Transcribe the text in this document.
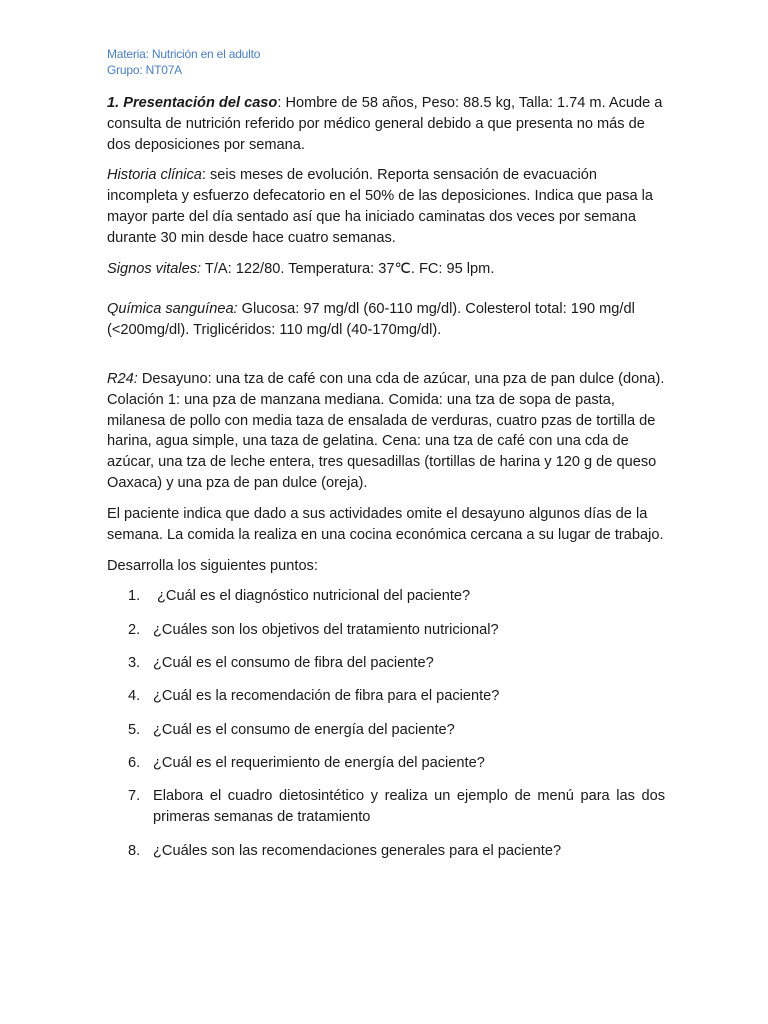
Materia: Nutrición en el adulto
Grupo: NT07A

1. Presentación del caso: Hombre de 58 años, Peso: 88.5 kg, Talla: 1.74 m. Acude a consulta de nutrición referido por médico general debido a que presenta no más de dos deposiciones por semana.

Historia clínica: seis meses de evolución. Reporta sensación de evacuación incompleta y esfuerzo defecatorio en el 50% de las deposiciones. Indica que pasa la mayor parte del día sentado así que ha iniciado caminatas dos veces por semana durante 30 min desde hace cuatro semanas.

Signos vitales: T/A: 122/80. Temperatura: 37℃. FC: 95 lpm.

Química sanguínea: Glucosa: 97 mg/dl (60-110 mg/dl). Colesterol total: 190 mg/dl (<200mg/dl). Triglicéridos: 110 mg/dl (40-170mg/dl).

R24: Desayuno: una tza de café con una cda de azúcar, una pza de pan dulce (dona). Colación 1: una pza de manzana mediana. Comida: una tza de sopa de pasta, milanesa de pollo con media taza de ensalada de verduras, cuatro pzas de tortilla de harina, agua simple, una taza de gelatina. Cena: una tza de café con una cda de azúcar, una tza de leche entera, tres quesadillas (tortillas de harina y 120 g de queso Oaxaca) y una pza de pan dulce (oreja).

El paciente indica que dado a sus actividades omite el desayuno algunos días de la semana. La comida la realiza en una cocina económica cercana a su lugar de trabajo.

Desarrolla los siguientes puntos:

1.	¿Cuál es el diagnóstico nutricional del paciente?
2. ¿Cuáles son los objetivos del tratamiento nutricional?
3. ¿Cuál es el consumo de fibra del paciente?
4. ¿Cuál es la recomendación de fibra para el paciente?
5. ¿Cuál es el consumo de energía del paciente?
6. ¿Cuál es el requerimiento de energía del paciente?
7. Elabora el cuadro dietosintético y realiza un ejemplo de menú para las dos primeras semanas de tratamiento
8. ¿Cuáles son las recomendaciones generales para el paciente?
